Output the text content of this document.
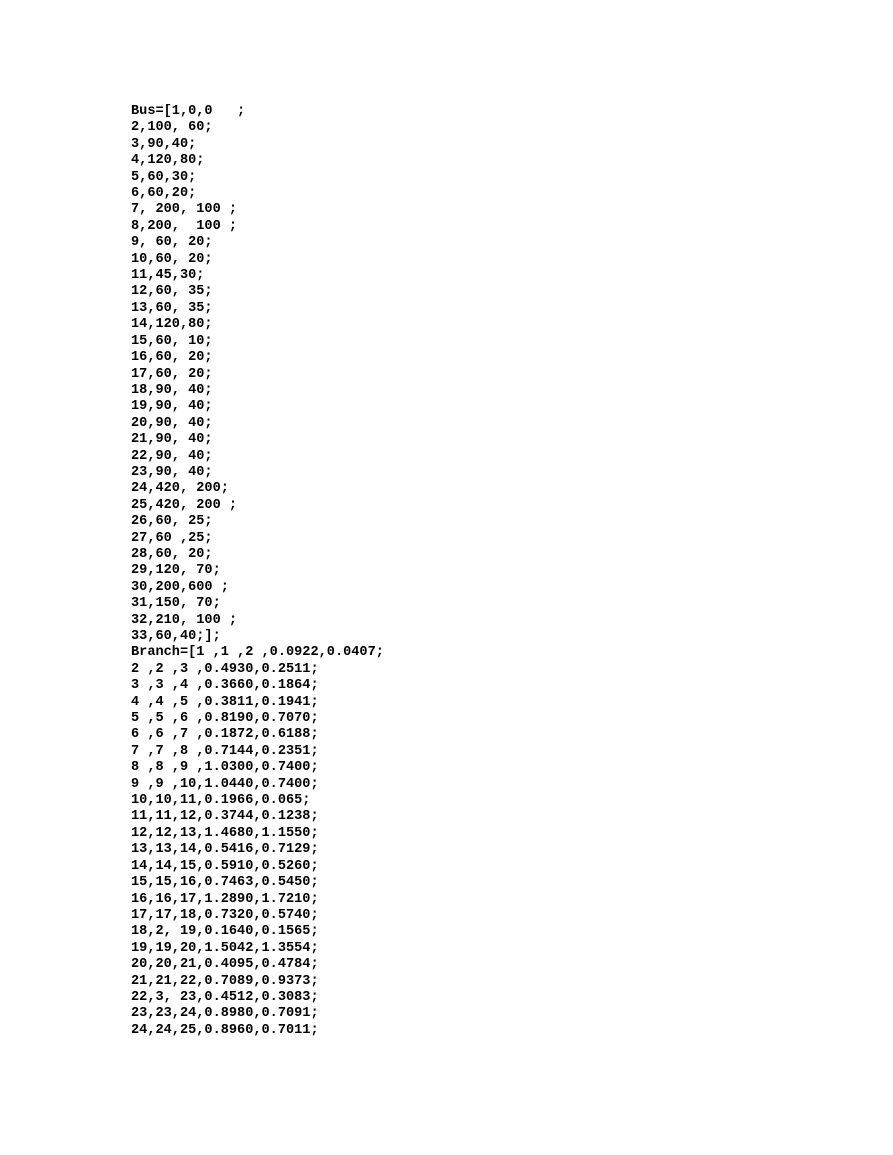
Bus=[1,0,0   ;
2,100, 60;
3,90,40;
4,120,80;
5,60,30;
6,60,20;
7, 200, 100 ;
8,200,  100 ;
9, 60, 20;
10,60, 20;
11,45,30;
12,60, 35;
13,60, 35;
14,120,80;
15,60, 10;
16,60, 20;
17,60, 20;
18,90, 40;
19,90, 40;
20,90, 40;
21,90, 40;
22,90, 40;
23,90, 40;
24,420, 200;
25,420, 200 ;
26,60, 25;
27,60 ,25;
28,60, 20;
29,120, 70;
30,200,600 ;
31,150, 70;
32,210, 100 ;
33,60,40;];
Branch=[1 ,1 ,2 ,0.0922,0.0407;
2 ,2 ,3 ,0.4930,0.2511;
3 ,3 ,4 ,0.3660,0.1864;
4 ,4 ,5 ,0.3811,0.1941;
5 ,5 ,6 ,0.8190,0.7070;
6 ,6 ,7 ,0.1872,0.6188;
7 ,7 ,8 ,0.7144,0.2351;
8 ,8 ,9 ,1.0300,0.7400;
9 ,9 ,10,1.0440,0.7400;
10,10,11,0.1966,0.065;
11,11,12,0.3744,0.1238;
12,12,13,1.4680,1.1550;
13,13,14,0.5416,0.7129;
14,14,15,0.5910,0.5260;
15,15,16,0.7463,0.5450;
16,16,17,1.2890,1.7210;
17,17,18,0.7320,0.5740;
18,2, 19,0.1640,0.1565;
19,19,20,1.5042,1.3554;
20,20,21,0.4095,0.4784;
21,21,22,0.7089,0.9373;
22,3, 23,0.4512,0.3083;
23,23,24,0.8980,0.7091;
24,24,25,0.8960,0.7011;
